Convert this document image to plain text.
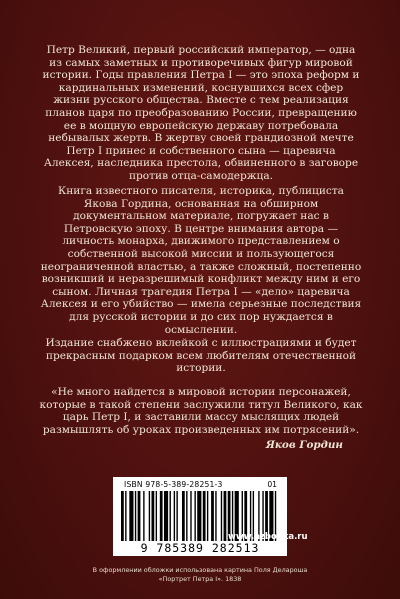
Петр Великий, первый российский император, — одна из самых заметных и противоречивых фигур мировой истории. Годы правления Петра I — это эпоха реформ и кардинальных изменений, коснувшихся всех сфер жизни русского общества. Вместе с тем реализация планов царя по преобразованию России, превращению ее в мощную европейскую державу потребовала небывалых жертв. В жертву своей грандиозной мечте Петр I принес и собственного сына — царевича Алексея, наследника престола, обвиненного в заговоре против отца-самодержца.

Книга известного писателя, историка, публициста Якова Гордина, основанная на обширном документальном материале, погружает нас в Петровскую эпоху. В центре внимания автора — личность монарха, движимого представлением о собственной высокой миссии и пользующегося неограниченной властью, а также сложный, постепенно возникший и неразрешимый конфликт между ним и его сыном. Личная трагедия Петра I — «дело» царевича Алексея и его убийство — имела серьезные последствия для русской истории и до сих пор нуждается в осмыслении.

Издание снабжено вклейкой с иллюстрациями и будет прекрасным подарком всем любителям отечественной истории.

«Не много найдется в мировой истории персонажей, которые в такой степени заслужили титул Великого, как царь Петр I, и заставили массу мыслящих людей размышлять об уроках произведенных им потрясений».

Яков Гордин

ISBN 978-5-389-28251-3	01
9 785389 282513
www.azbooka.ru

В оформлении обложки использована картина Поля Делароша
«Портрет Петра I». 1838
